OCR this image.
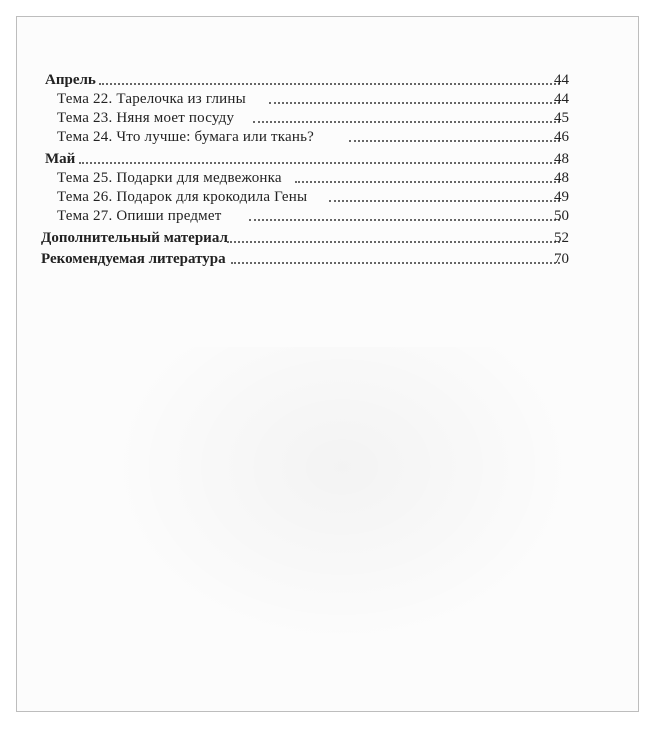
Апрель	44
Тема 22. Тарелочка из глины	44
Тема 23. Няня моет посуду	45
Тема 24. Что лучше: бумага или ткань?	46
Май	48
Тема 25. Подарки для медвежонка	48
Тема 26. Подарок для крокодила Гены	49
Тема 27. Опиши предмет	50
Дополнительный материал	52
Рекомендуемая литература	70
